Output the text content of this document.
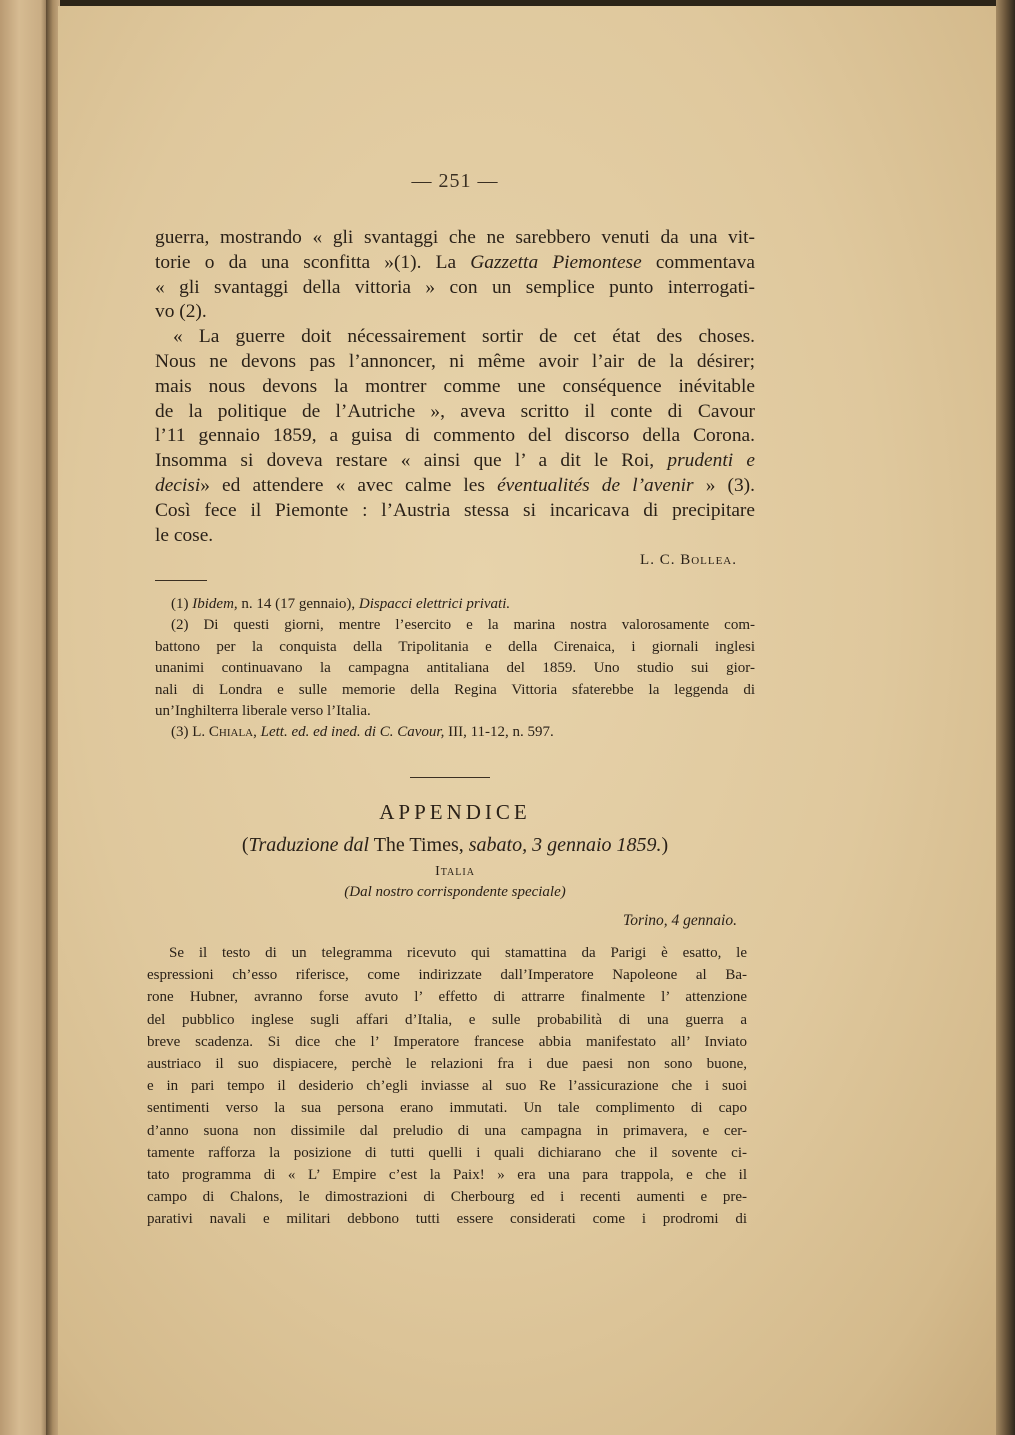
— 251 —
guerra, mostrando « gli svantaggi che ne sarebbero venuti da una vit-
torie o da una sconfitta »(1). La Gazzetta Piemontese commentava
« gli svantaggi della vittoria » con un semplice punto interrogati-
vo (2).
« La guerre doit nécessairement sortir de cet état des choses.
Nous ne devons pas l’annoncer, ni même avoir l’air de la désirer;
mais nous devons la montrer comme une conséquence inévitable
de la politique de l’Autriche », aveva scritto il conte di Cavour
l’11 gennaio 1859, a guisa di commento del discorso della Corona.
Insomma si doveva restare « ainsi que l’ a dit le Roi, prudenti e
decisi» ed attendere « avec calme les éventualités de l’avenir » (3).
Così fece il Piemonte : l’Austria stessa si incaricava di precipitare
le cose.
L. C. Bollea.
(1) Ibidem, n. 14 (17 gennaio), Dispacci elettrici privati.
(2) Di questi giorni, mentre l’esercito e la marina nostra valorosamente com-
battono per la conquista della Tripolitania e della Cirenaica, i giornali inglesi
unanimi continuavano la campagna antitaliana del 1859. Uno studio sui gior-
nali di Londra e sulle memorie della Regina Vittoria sfaterebbe la leggenda di
un’Inghilterra liberale verso l’Italia.
(3) L. Chiala, Lett. ed. ed ined. di C. Cavour, III, 11-12, n. 597.
APPENDICE
(Traduzione dal The Times, sabato, 3 gennaio 1859.)
Italia
(Dal nostro corrispondente speciale)
Torino, 4 gennaio.
Se il testo di un telegramma ricevuto qui stamattina da Parigi è esatto, le
espressioni ch’esso riferisce, come indirizzate dall’Imperatore Napoleone al Ba-
rone Hubner, avranno forse avuto l’ effetto di attrarre finalmente l’ attenzione
del pubblico inglese sugli affari d’Italia, e sulle probabilità di una guerra a
breve scadenza. Si dice che l’ Imperatore francese abbia manifestato all’ Inviato
austriaco il suo dispiacere, perchè le relazioni fra i due paesi non sono buone,
e in pari tempo il desiderio ch’egli inviasse al suo Re l’assicurazione che i suoi
sentimenti verso la sua persona erano immutati. Un tale complimento di capo
d’anno suona non dissimile dal preludio di una campagna in primavera, e cer-
tamente rafforza la posizione di tutti quelli i quali dichiarano che il sovente ci-
tato programma di « L’ Empire c’est la Paix! » era una para trappola, e che il
campo di Chalons, le dimostrazioni di Cherbourg ed i recenti aumenti e pre-
parativi navali e militari debbono tutti essere considerati come i prodromi di
